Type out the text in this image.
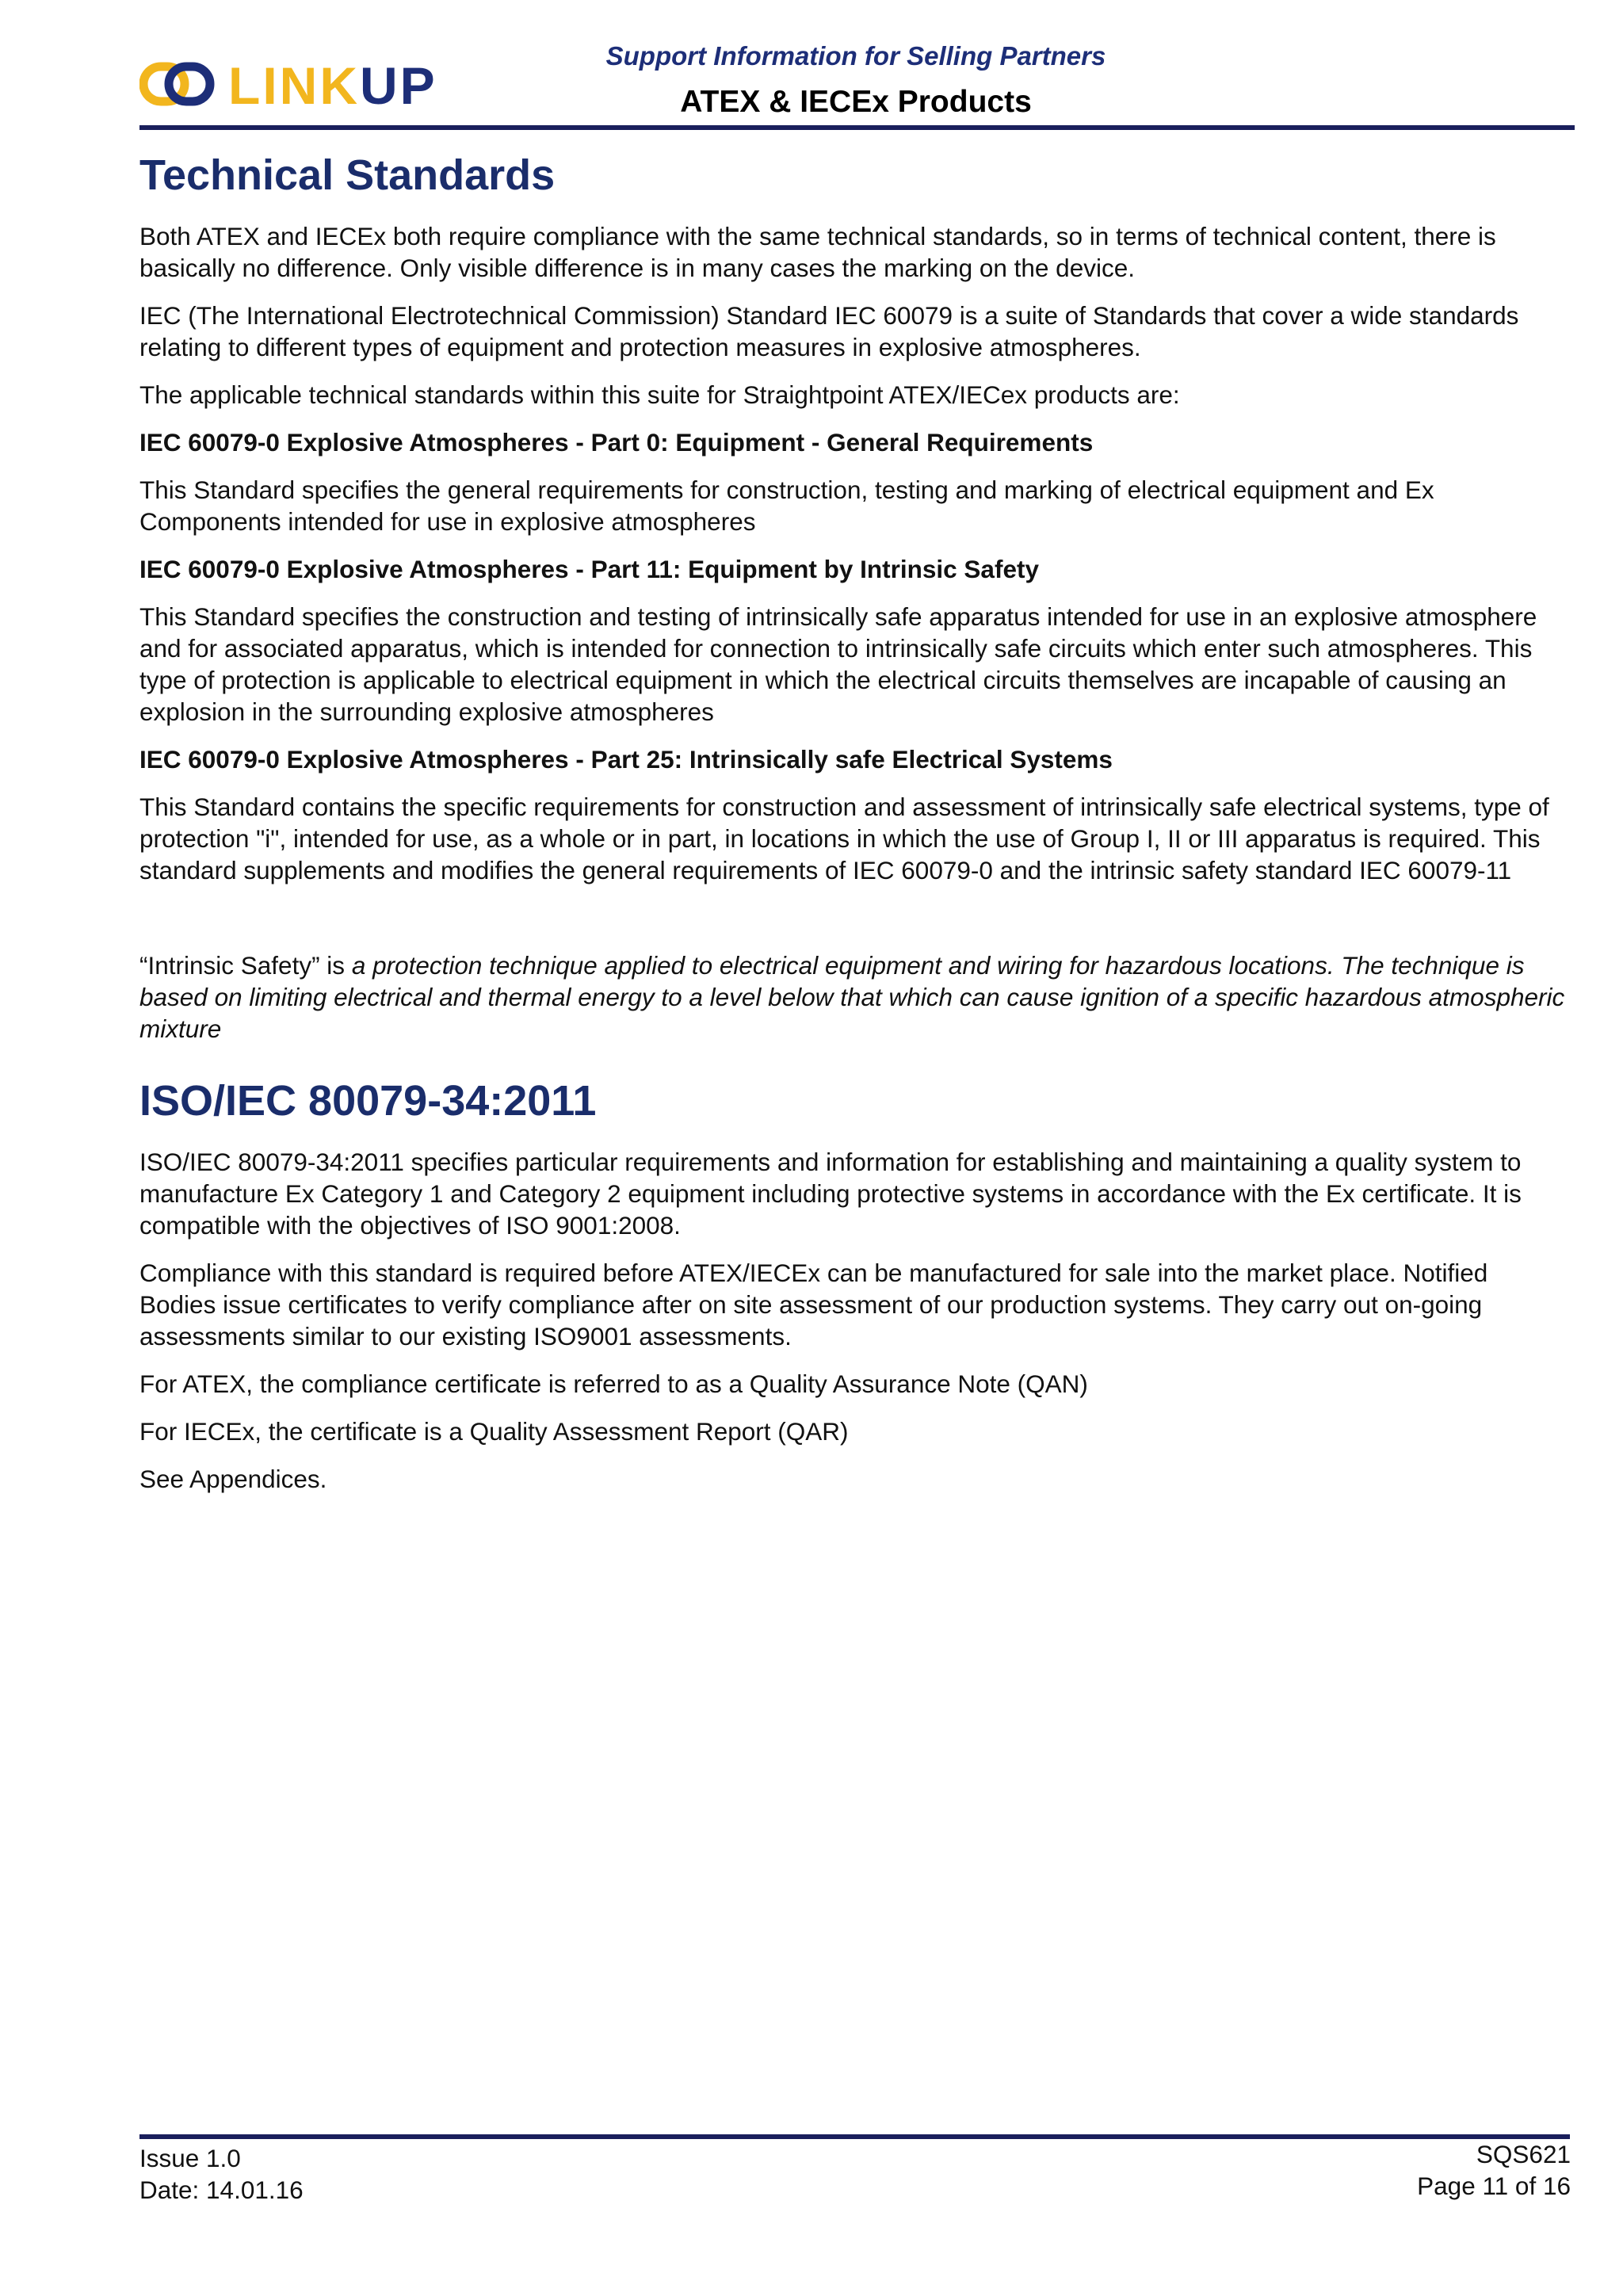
LINKUP
Support Information for Selling Partners
ATEX & IECEx Products
Technical Standards

Both ATEX and IECEx both require compliance with the same technical standards, so in terms of technical content, there is basically no difference. Only visible difference is in many cases the marking on the device.

IEC (The International Electrotechnical Commission) Standard IEC 60079 is a suite of Standards that cover a wide standards relating to different types of equipment and protection measures in explosive atmospheres.

The applicable technical standards within this suite for Straightpoint ATEX/IECex products are:

IEC 60079-0 Explosive Atmospheres - Part 0: Equipment - General Requirements

This Standard specifies the general requirements for construction, testing and marking of electrical equipment and Ex Components intended for use in explosive atmospheres

IEC 60079-0 Explosive Atmospheres - Part 11: Equipment by Intrinsic Safety

This Standard specifies the construction and testing of intrinsically safe apparatus intended for use in an explosive atmosphere and for associated apparatus, which is intended for connection to intrinsically safe circuits which enter such atmospheres. This type of protection is applicable to electrical equipment in which the electrical circuits themselves are incapable of causing an explosion in the surrounding explosive atmospheres

IEC 60079-0 Explosive Atmospheres - Part 25: Intrinsically safe Electrical Systems

This Standard contains the specific requirements for construction and assessment of intrinsically safe electrical systems, type of protection "i", intended for use, as a whole or in part, in locations in which the use of Group I, II or III apparatus is required. This standard supplements and modifies the general requirements of IEC 60079-0 and the intrinsic safety standard IEC 60079-11

“Intrinsic Safety” is a protection technique applied to electrical equipment and wiring for hazardous locations. The technique is based on limiting electrical and thermal energy to a level below that which can cause ignition of a specific hazardous atmospheric mixture

ISO/IEC 80079-34:2011

ISO/IEC 80079-34:2011 specifies particular requirements and information for establishing and maintaining a quality system to manufacture Ex Category 1 and Category 2 equipment including protective systems in accordance with the Ex certificate. It is compatible with the objectives of ISO 9001:2008.

Compliance with this standard is required before ATEX/IECEx can be manufactured for sale into the market place. Notified Bodies issue certificates to verify compliance after on site assessment of our production systems. They carry out on-going assessments similar to our existing ISO9001 assessments.

For ATEX, the compliance certificate is referred to as a Quality Assurance Note (QAN)

For IECEx, the certificate is a Quality Assessment Report (QAR)

See Appendices.

Issue 1.0
Date: 14.01.16
SQS621
Page 11 of 16
